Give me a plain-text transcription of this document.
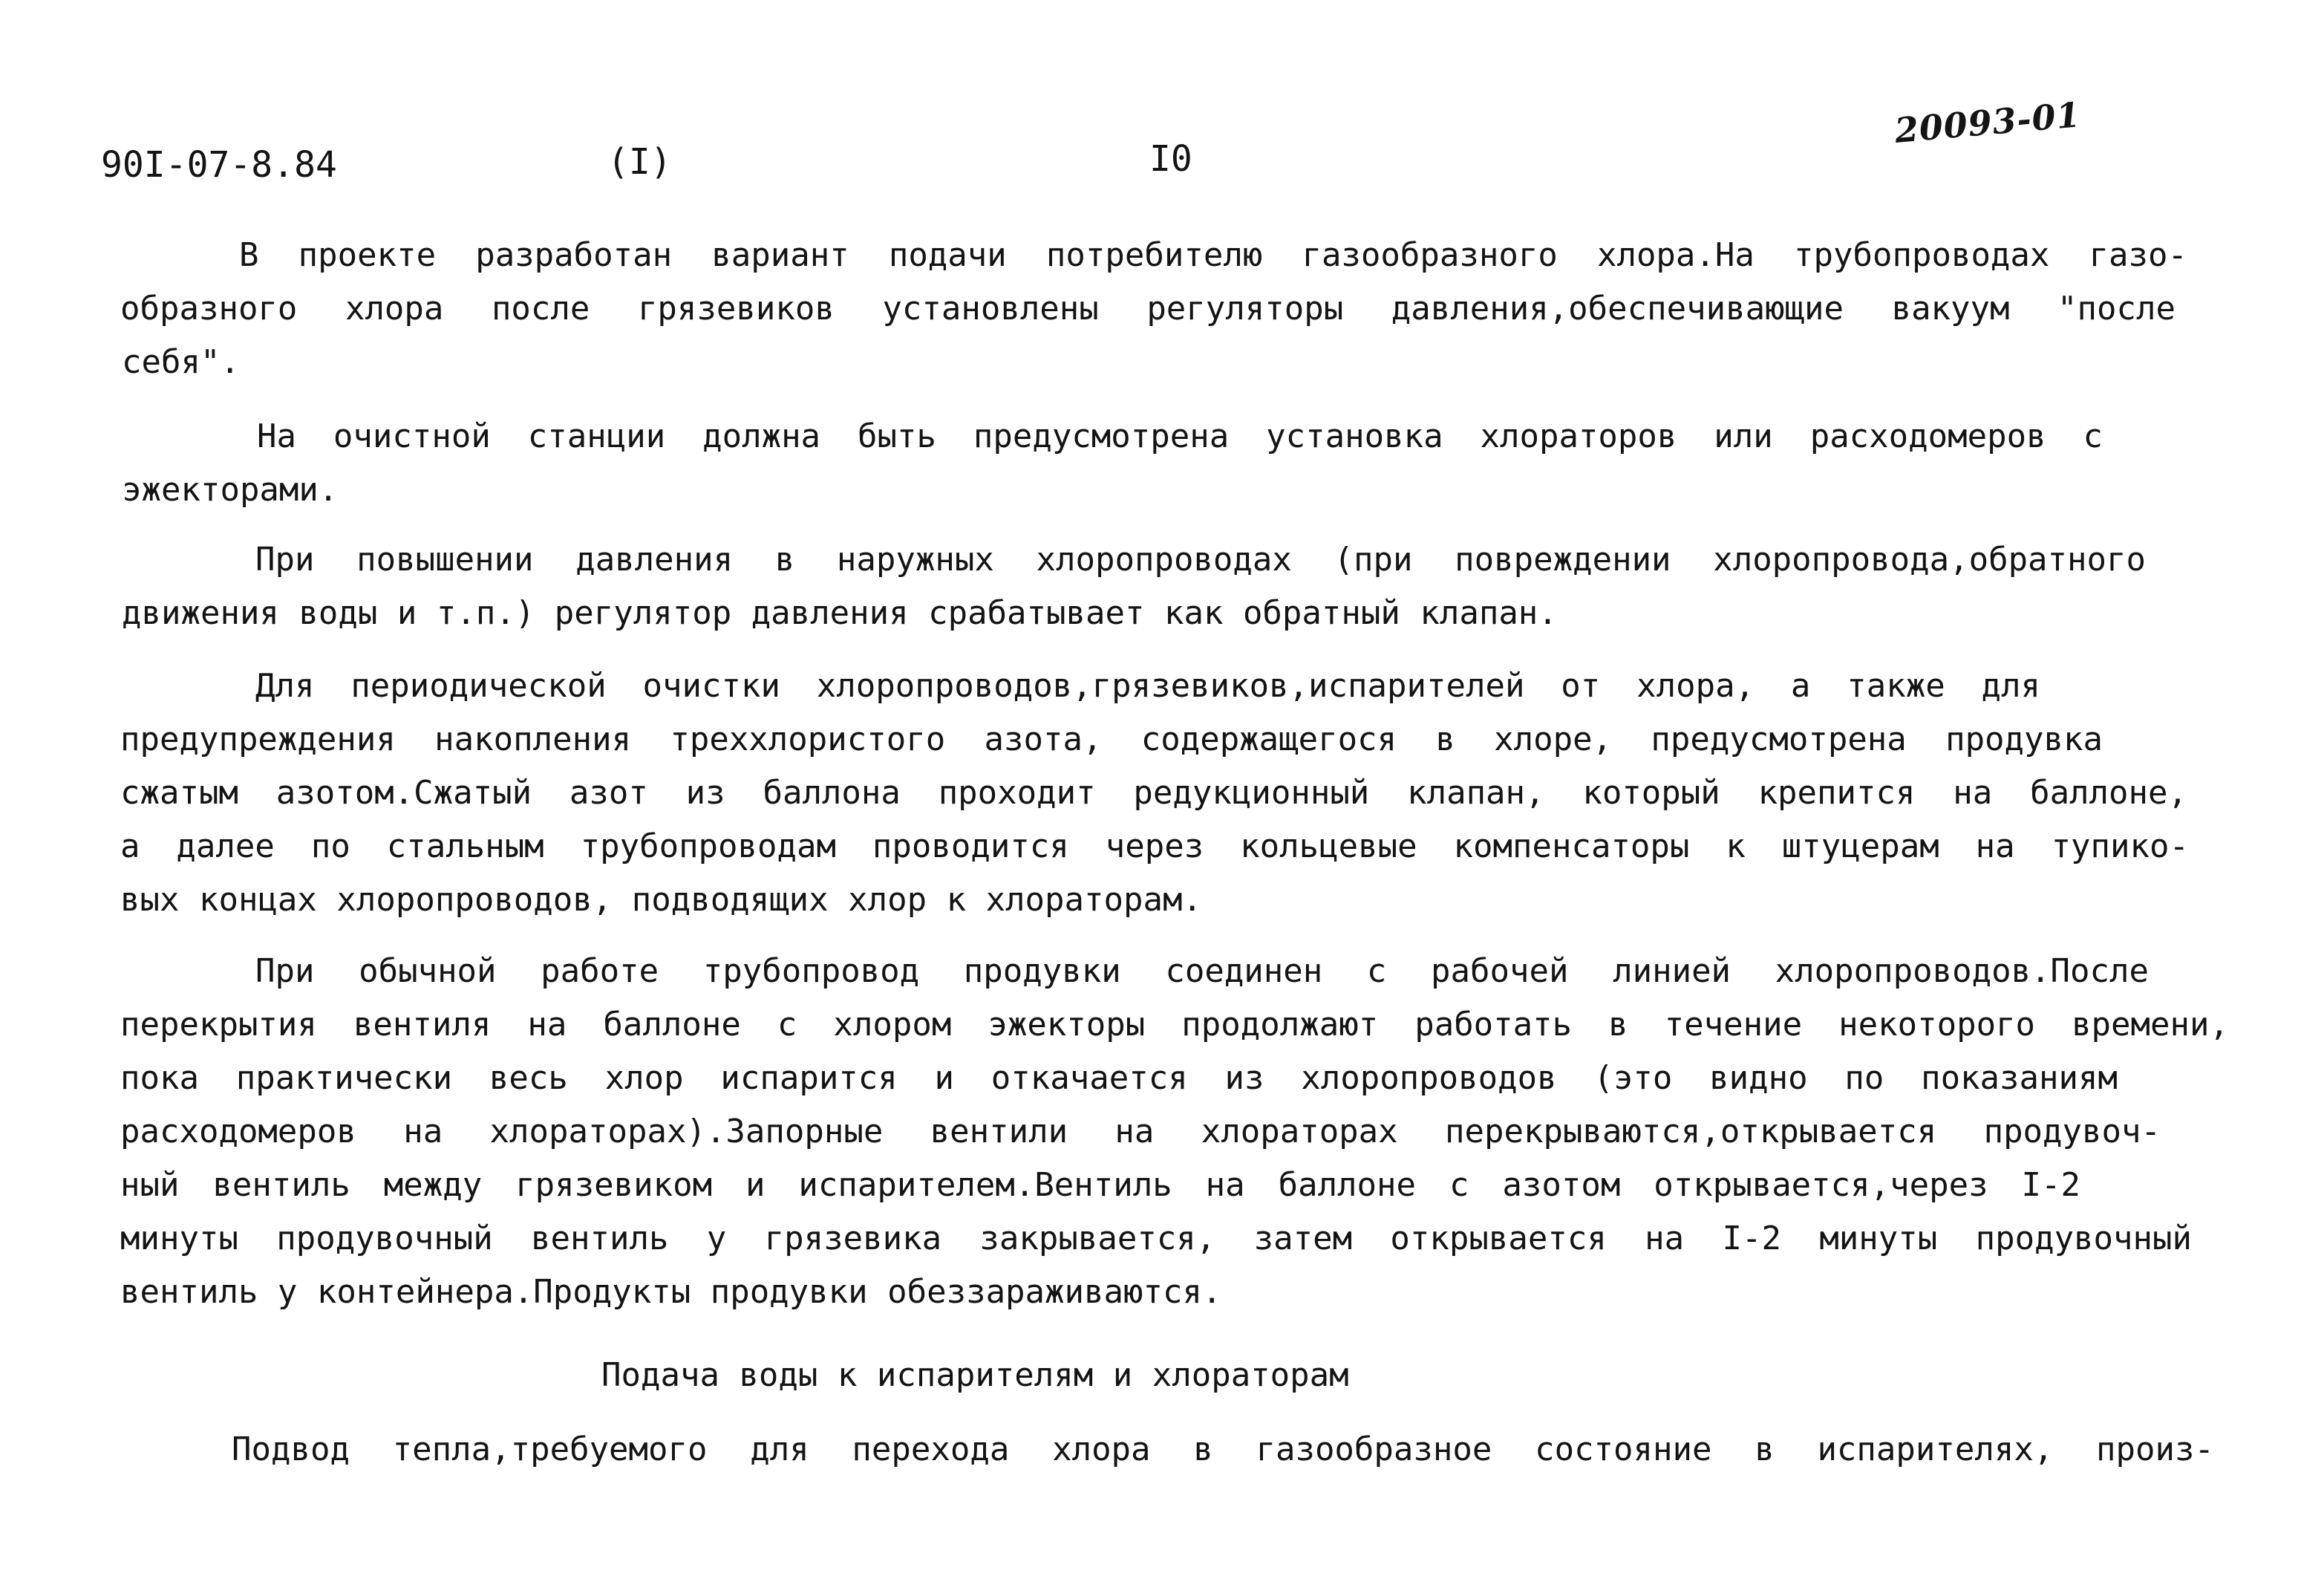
90I-07-8.84	(I)	I0
20093-01
В проекте разработан вариант подачи потребителю газообразного хлора.На трубопроводах газо-
образного хлора после грязевиков установлены регуляторы давления,обеспечивающие вакуум "после
себя".
На очистной станции должна быть предусмотрена установка хлораторов или расходомеров с
эжекторами.
При повышении давления в наружных хлоропроводах (при повреждении хлоропровода,обратного
движения воды и т.п.) регулятор давления срабатывает как обратный клапан.
Для периодической очистки хлоропроводов,грязевиков,испарителей от хлора, а также для
предупреждения накопления треххлористого азота, содержащегося в хлоре, предусмотрена продувка
сжатым азотом.Сжатый азот из баллона проходит редукционный клапан, который крепится на баллоне,
а далее по стальным трубопроводам проводится через кольцевые компенсаторы к штуцерам на тупико-
вых концах хлоропроводов, подводящих хлор к хлораторам.
При обычной работе трубопровод продувки соединен с рабочей линией хлоропроводов.После
перекрытия вентиля на баллоне с хлором эжекторы продолжают работать в течение некоторого времени,
пока практически весь хлор испарится и откачается из хлоропроводов (это видно по показаниям
расходомеров на хлораторах).Запорные вентили на хлораторах перекрываются,открывается продувоч-
ный вентиль между грязевиком и испарителем.Вентиль на баллоне с азотом открывается,через I-2
минуты продувочный вентиль у грязевика закрывается, затем открывается на I-2 минуты продувочный
вентиль у контейнера.Продукты продувки обеззараживаются.
Подача воды к испарителям и хлораторам
Подвод тепла,требуемого для перехода хлора в газообразное состояние в испарителях, произ-
